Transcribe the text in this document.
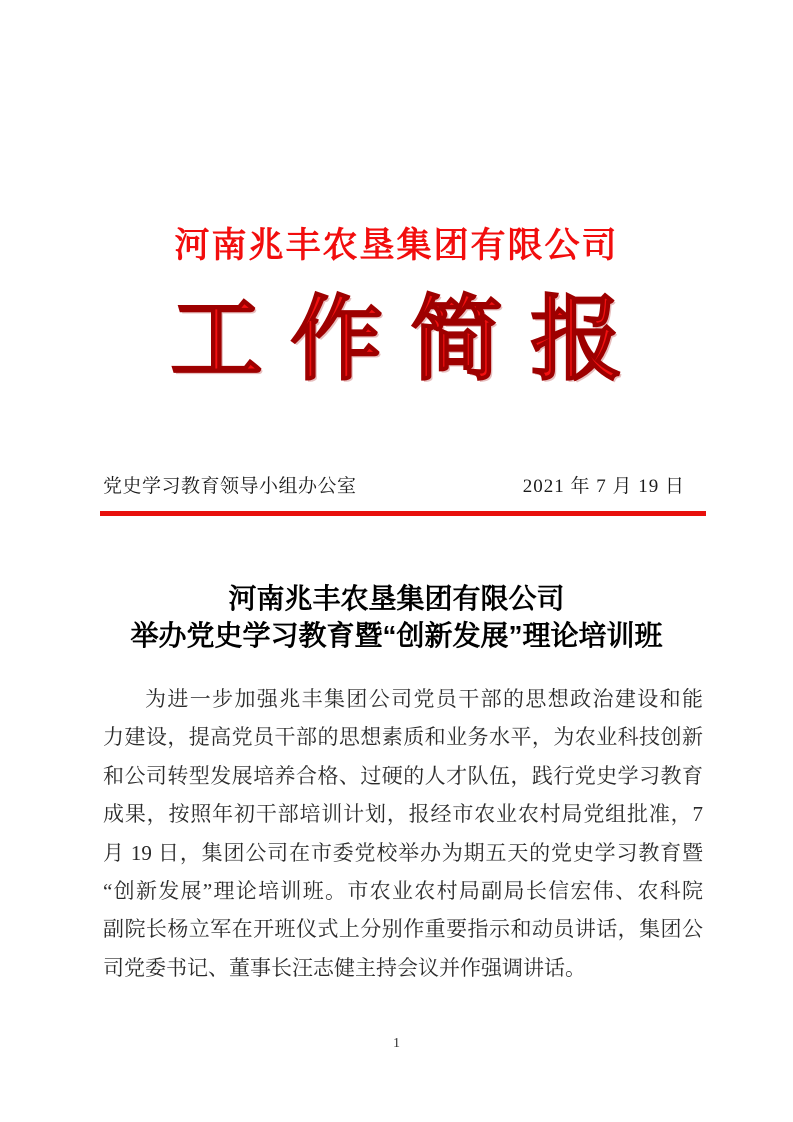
河南兆丰农垦集团有限公司
工作简报
党史学习教育领导小组办公室	2021 年 7 月 19 日
河南兆丰农垦集团有限公司
举办党史学习教育暨“创新发展”理论培训班
为进一步加强兆丰集团公司党员干部的思想政治建设和能
力建设，提高党员干部的思想素质和业务水平，为农业科技创新
和公司转型发展培养合格、过硬的人才队伍，践行党史学习教育
成果，按照年初干部培训计划，报经市农业农村局党组批准，7
月 19 日，集团公司在市委党校举办为期五天的党史学习教育暨
“创新发展”理论培训班。市农业农村局副局长信宏伟、农科院
副院长杨立军在开班仪式上分别作重要指示和动员讲话，集团公
司党委书记、董事长汪志健主持会议并作强调讲话。
1
